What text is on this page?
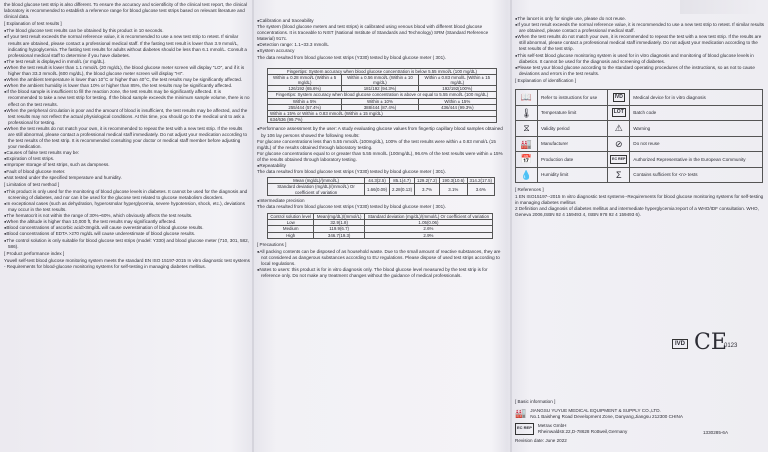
the blood glucose test strip is also different. To ensure the accuracy and scientificity of the clinical test report, the clinical laboratory is recommended to establish a reference range for blood glucose test strips based on relevant literature and clinical data.

[ Explanation of test results ]

● The blood glucose test results can be obtained by this product in 10 seconds.

● If your test result exceeds the normal reference value, it is recommended to use a new test strip to retest. If similar results are obtained, please contact a professional medical staff. If the fasting test result is lower than 3.9 mmol/L, indicating hypoglycemia. The fasting test results for adults without diabetes should be less than 6.1 mmol/L. Consult a professional medical staff to determine if you have diabetes.

● The test result is displayed in mmol/L (or mg/dL).

● When the test result is lower than 1.1 mmol/L (20 mg/dL), the blood glucose meter screen will display "LO", and if it is higher than 33.3 mmol/L (600 mg/dL), the blood glucose meter screen will display "HI".

● When the ambient temperature is lower than 10°C or higher than 40°C, the test results may be significantly affected.

● When the ambient humidity is lower than 10% or higher than 85%, the test results may be significantly affected.

● If the blood sample is insufficient to fill the reaction zone, the test results may be significantly affected. It is recommended to take a new test strip for testing. If the blood sample exceeds the minimum sample volume, there is no effect on the test results.

● When the peripheral circulation is poor and the amount of blood is insufficient, the test results may be affected, and the test results may not reflect the actual physiological conditions. At this time, you should go to the medical unit to ask a professional for testing.

● When the test results do not match your own, it is recommended to repeat the test with a new test strip. If the results are still abnormal, please contact a professional medical staff immediately. Do not adjust your medication according to the test results of the test strip. It is recommended consulting your doctor or medical staff member before adjusting your medication.

● Causes of false test results may be:

● Expiration of test strips.

● Improper storage of test strips, such as dampness.

● Fault of blood glucose meter.

● Not tested under the specified temperature and humidity.

[ Limitation of test method ]

● This product is only used for the monitoring of blood glucose levels in diabetes. It cannot be used for the diagnosis and screening of diabetes, and nor can it be used for the glucose test related to glucose metabolism disorders.

● In exceptional cases (such as dehydration, hyperosmolar hyperglycemia, severe hypotension, shock, etc.), deviations may occur in the test results.

● The hematocrit is not within the range of 30%~60%, which obviously affects the test results.

● When the altitude is higher than 10,000 ft, the test results may significantly affected.

● Blood concentrations of ascorbic acid>3mg/dL will cause overestimation of blood glucose results.

● Blood concentrations of EDTA >270 mg/dL will cause underestimate of blood glucose results.

● The control solution is only suitable for blood glucose test strips (model: Y330) and blood glucose meter (710, 301, 582, 586).

[ Product performance index ]

Yuwell self-test blood glucose monitoring system meets the standard EN ISO 15197-2015 In vitro diagnostic test systems - Requirements for blood-glucose monitoring systems for self-testing in managing diabetes mellitus.

● Calibration and traceability

The system (blood glucose meters and test strips) is calibrated using venous blood with different blood glucose concentrations. It is traceable to NIST (National Institute of Standards and Technology) SRM (Standard Reference Material) 917c.

● Detection range: 1.1~33.3 mmol/L

● System accuracy

The data resulted from blood glucose test strips (Y330) tested by blood glucose meter ( 301).

Fingertips: System accuracy when blood glucose concentration is below 5.55 mmol/L (100 mg/dL)		
Within ± 0.28 mmol/L (Within ± 5 mg/dL)	Within ± 0.56 mmol/L (Within ± 10 mg/dL)	Within ± 0.83 mmol/L (Within ± 15 mg/dL)
126/192 (65.6%)	181/192 (94.3%)	192/192(100%)
Fingertips: System accuracy when blood glucose concentration is above or equal to 5.55 mmol/L (100 mg/dL)		
Within ± 5%	Within ± 10%	Within ± 15%
255/444 (57.4%)	388/444 (87.4%)	436/444 (99.3%)
Within ± 15% or Within ± 0.83 mmol/L (Within ± 15 mg/dL)		
634/636 (99.7%)		

● Performance assessment by the user: A study evaluating glucose values from fingertip capillary blood samples obtained by 106 lay persons showed the following results:

For glucose concentrations less than 5.55 mmol/L (100mg/dL), 100% of the test results were within ± 0.83 mmol/L (15 mg/dL) of the results obtained through laboratory testing.

For glucose concentrations equal to or greater than 5.55 mmol/L (100mg/dL), 96.6% of the test results were within ± 15% of the results obtained through laboratory testing.

● Repeatability

The data resulted from blood glucose test strips (Y330) tested by blood glucose meter ( 301).

Mean (mg/dL)/(mmol/L)	44.3(2.5)	85.1(4.7)	129.2(7.2)	190.3(10.6)	314.2(17.5)
Standard deviation (mg/dL)/(mmol/L) Or coefficient of variation	1.66(0.09)	2.28(0.13)	3.7%	3.1%	3.6%

● Intermediate precision

The data resulted from blood glucose test strips (Y330) tested by blood glucose meter ( 301).

Control solution level	Mean(mg/dL)/(mmol/L)	Standard deviation (mg/dL)/(mmol/L) Or coefficient of variation
Low	32.9(1.8)	1.05(0.06)
Medium	119.9(6.7)	2.6%
High	346.7(19.3)	2.9%

[ Precautions ]

● All packing contents can be disposed of as household waste. Due to the small amount of reactive substances, they are not considered as dangerous substances according to EU regulations. Please dispose of used test strips according to local regulations.

● Notes to users: this product is for in vitro diagnosis only. The blood glucose level measured by the test strip is for reference only. Do not make any treatment changes without the guidance of medical professionals.

● The lancet is only for single use, please do not reuse.

● If your test result exceeds the normal reference value, it is recommended to use a new test strip to retest. If similar results are obtained, please contact a professional medical staff.

● When the test results do not match your own, it is recommended to repeat the test with a new test strip. If the results are still abnormal, please contact a professional medical staff immediately. Do not adjust your medication according to the test results of the test strip.

● This self-test blood glucose monitoring system is used for in vitro diagnosis and monitoring of blood glucose levels in diabetics. It cannot be used for the diagnosis and screening of diabetes.

● Please test your blood glucose according to the standard operating procedures of the instructions, so as not to cause deviations and errors in the test results.

[ Explanation of identification ]

📖	Refer to instructions for use	IVD	Medical device for in vitro diagnosis
🌡	Temperature limit	LOT	Batch code
⧖	Validity period	⚠	Warning
🏭	Manufacturer	⊘	Do not reuse
📅	Production date	EC REP	Authorized Representative in the European Community
💧	Humidity limit	Σ	Contains sufficient for <n> tests

[ References ]

1 EN ISO15197--2015 In vitro diagnostic test systems--Requirements for blood glucose monitoring systems for self-testing in managing diabetes mellitus

2 Definition and diagnosis of diabetes mellitus and intermediate hyperglycemia:report of a WHO/IDF consultation. WHO, Geneva 2006,ISBN 92 4 159493 4, ISBN 978 92 4 159493 6).

IVD CE
0123

[ Basic information ]

🏭 JIANGSU YUYUE MEDICAL EQUIPMENT & SUPPLY CO.,LTD.

No.1 Baisheng Road Development Zone, Danyang,Jiangsu 212300 CHINA

EC REP	Metrax GmbH

Rheinwaldstr.22,D-78628 Rottweil,Germany

Revision date: June 2022

1330285-6A
